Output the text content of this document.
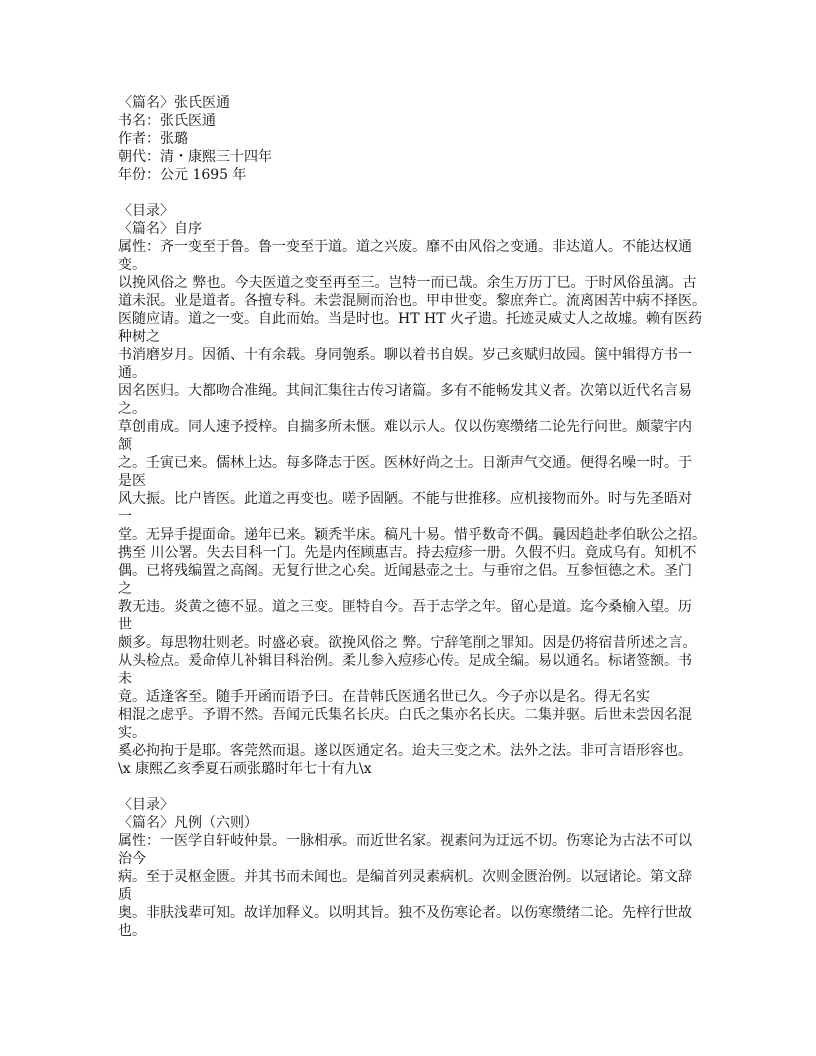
〈篇名〉张氏医通
书名：张氏医通
作者：张璐
朝代：清・康熙三十四年
年份：公元 1695 年
〈目录〉
〈篇名〉自序
属性：齐一变至于鲁。鲁一变至于道。道之兴废。靡不由风俗之变通。非达道人。不能达权通
变。
以挽风俗之 弊也。今夫医道之变至再至三。岂特一而已哉。余生万历丁巳。于时风俗虽漓。古
道未泯。业是道者。各擅专科。未尝混厕而治也。甲申世变。黎庶奔亡。流离困苦中病不择医。
医随应请。道之一变。自此而始。当是时也。HT HT 火孑遗。托迹灵威丈人之故墟。赖有医药
种树之
书消磨岁月。因循、十有余载。身同匏系。聊以着书自娱。岁己亥赋归故园。箧中辑得方书一
通。
因名医归。大都吻合准绳。其间汇集往古传习诸篇。多有不能畅发其义者。次第以近代名言易
之。
草创甫成。同人速予授梓。自揣多所未惬。难以示人。仅以伤寒缵绪二论先行问世。颇蒙宇内
颔
之。壬寅已来。儒林上达。每多降志于医。医林好尚之士。日渐声气交通。便得名噪一时。于
是医
风大振。比户皆医。此道之再变也。嗟予固陋。不能与世推移。应机接物而外。时与先圣晤对
一
堂。无异手提面命。递年已来。颖秃半床。稿凡十易。惜乎数奇不偶。曩因趋赴孝伯耿公之招。
携至 川公署。失去目科一门。先是内侄顾惠吉。持去痘疹一册。久假不归。竟成乌有。知机不
偶。已将残编置之高阁。无复行世之心矣。近闻悬壶之士。与垂帘之侣。互参恒德之术。圣门
之
教无违。炎黄之德不显。道之三变。匪特自今。吾于志学之年。留心是道。迄今桑榆入望。历
世
颇多。每思物壮则老。时盛必衰。欲挽风俗之 弊。宁辞笔削之罪知。因是仍将宿昔所述之言。
从头检点。爰命倬儿补辑目科治例。柔儿参入痘疹心传。足成全编。易以通名。标诸签额。书
未
竟。适逢客至。随手开函而语予曰。在昔韩氏医通名世已久。今子亦以是名。得无名实
相混之虑乎。予谓不然。吾闻元氏集名长庆。白氏之集亦名长庆。二集并驱。后世未尝因名混
实。
奚必拘拘于是耶。客莞然而退。遂以医通定名。迨夫三变之术。法外之法。非可言语形容也。
\x 康熙乙亥季夏石顽张璐时年七十有九\x
〈目录〉
〈篇名〉凡例（六则）
属性：一医学自轩岐仲景。一脉相承。而近世名家。视素问为迂远不切。伤寒论为古法不可以
治今
病。至于灵枢金匮。并其书而未闻也。是编首列灵素病机。次则金匮治例。以冠诸论。第文辞
质
奥。非肤浅辈可知。故详加释义。以明其旨。独不及伤寒论者。以伤寒缵绪二论。先梓行世故
也。
